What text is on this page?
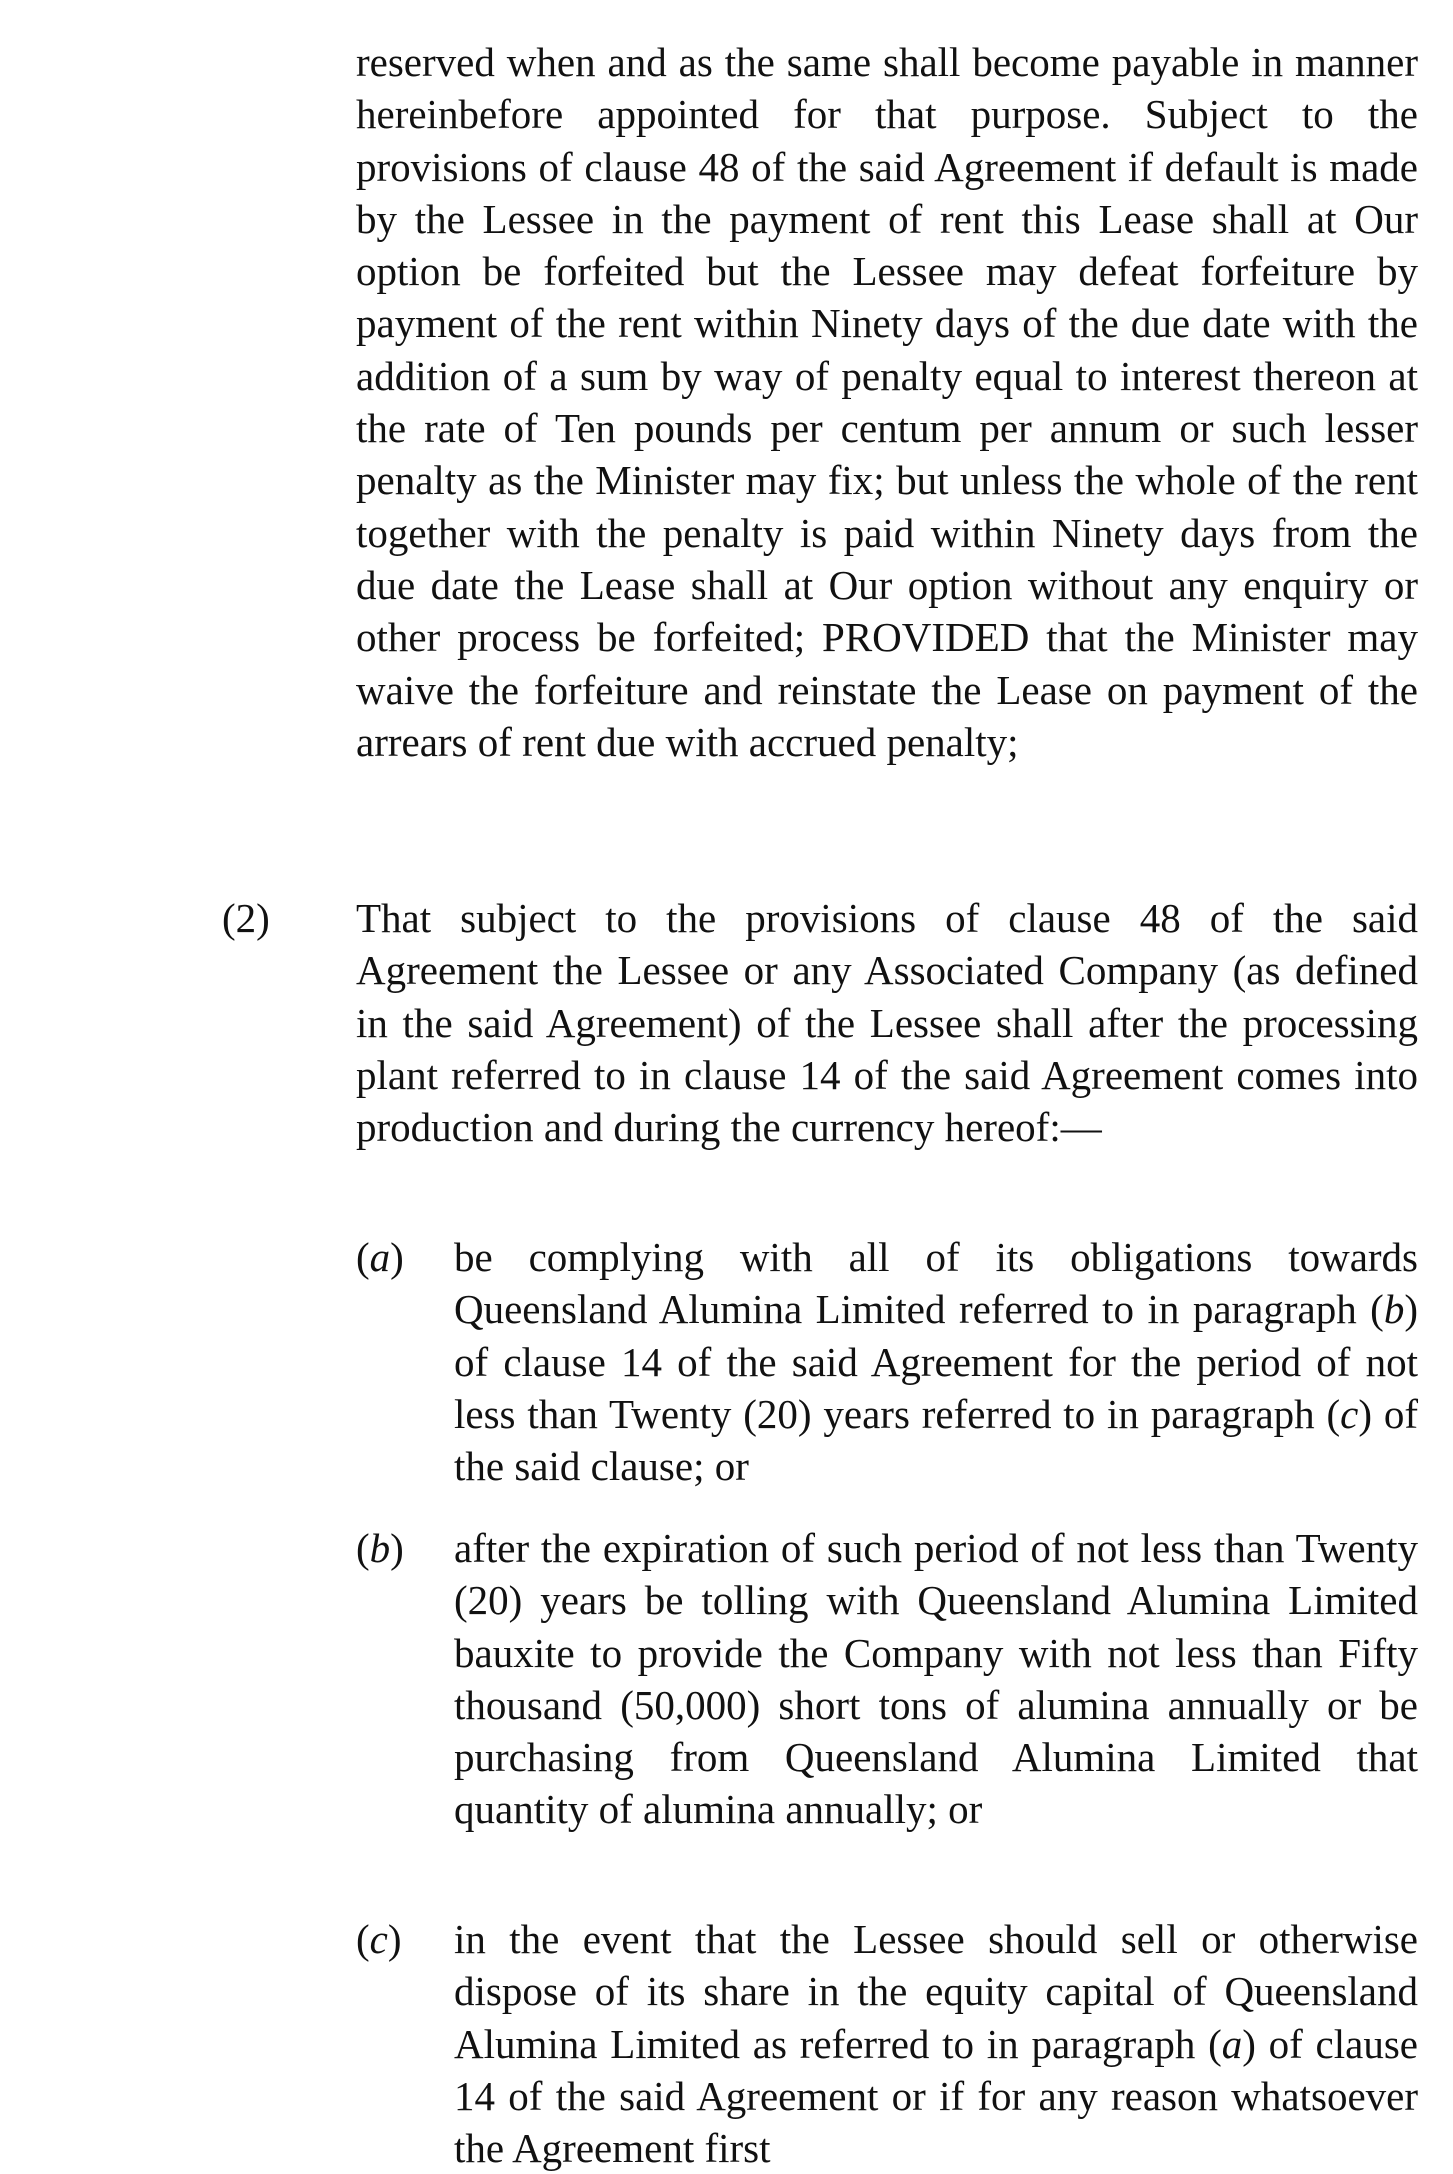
reserved when and as the same shall become payable in manner hereinbefore appointed for that purpose. Subject to the provisions of clause 48 of the said Agreement if default is made by the Lessee in the payment of rent this Lease shall at Our option be forfeited but the Lessee may defeat forfeiture by payment of the rent within Ninety days of the due date with the addition of a sum by way of penalty equal to interest thereon at the rate of Ten pounds per centum per annum or such lesser penalty as the Minister may fix; but unless the whole of the rent together with the penalty is paid within Ninety days from the due date the Lease shall at Our option without any enquiry or other process be forfeited; PROVIDED that the Minister may waive the forfeiture and reinstate the Lease on payment of the arrears of rent due with accrued penalty;

(2) That subject to the provisions of clause 48 of the said Agreement the Lessee or any Associated Company (as defined in the said Agreement) of the Lessee shall after the processing plant referred to in clause 14 of the said Agreement comes into production and during the currency hereof:—

(a) be complying with all of its obligations towards Queensland Alumina Limited referred to in paragraph (b) of clause 14 of the said Agreement for the period of not less than Twenty (20) years referred to in paragraph (c) of the said clause; or

(b) after the expiration of such period of not less than Twenty (20) years be tolling with Queensland Alumina Limited bauxite to provide the Company with not less than Fifty thousand (50,000) short tons of alumina annually or be purchasing from Queensland Alumina Limited that quantity of alumina annually; or

(c) in the event that the Lessee should sell or otherwise dispose of its share in the equity capital of Queensland Alumina Limited as referred to in paragraph (a) of clause 14 of the said Agreement or if for any reason whatsoever the Agreement first
